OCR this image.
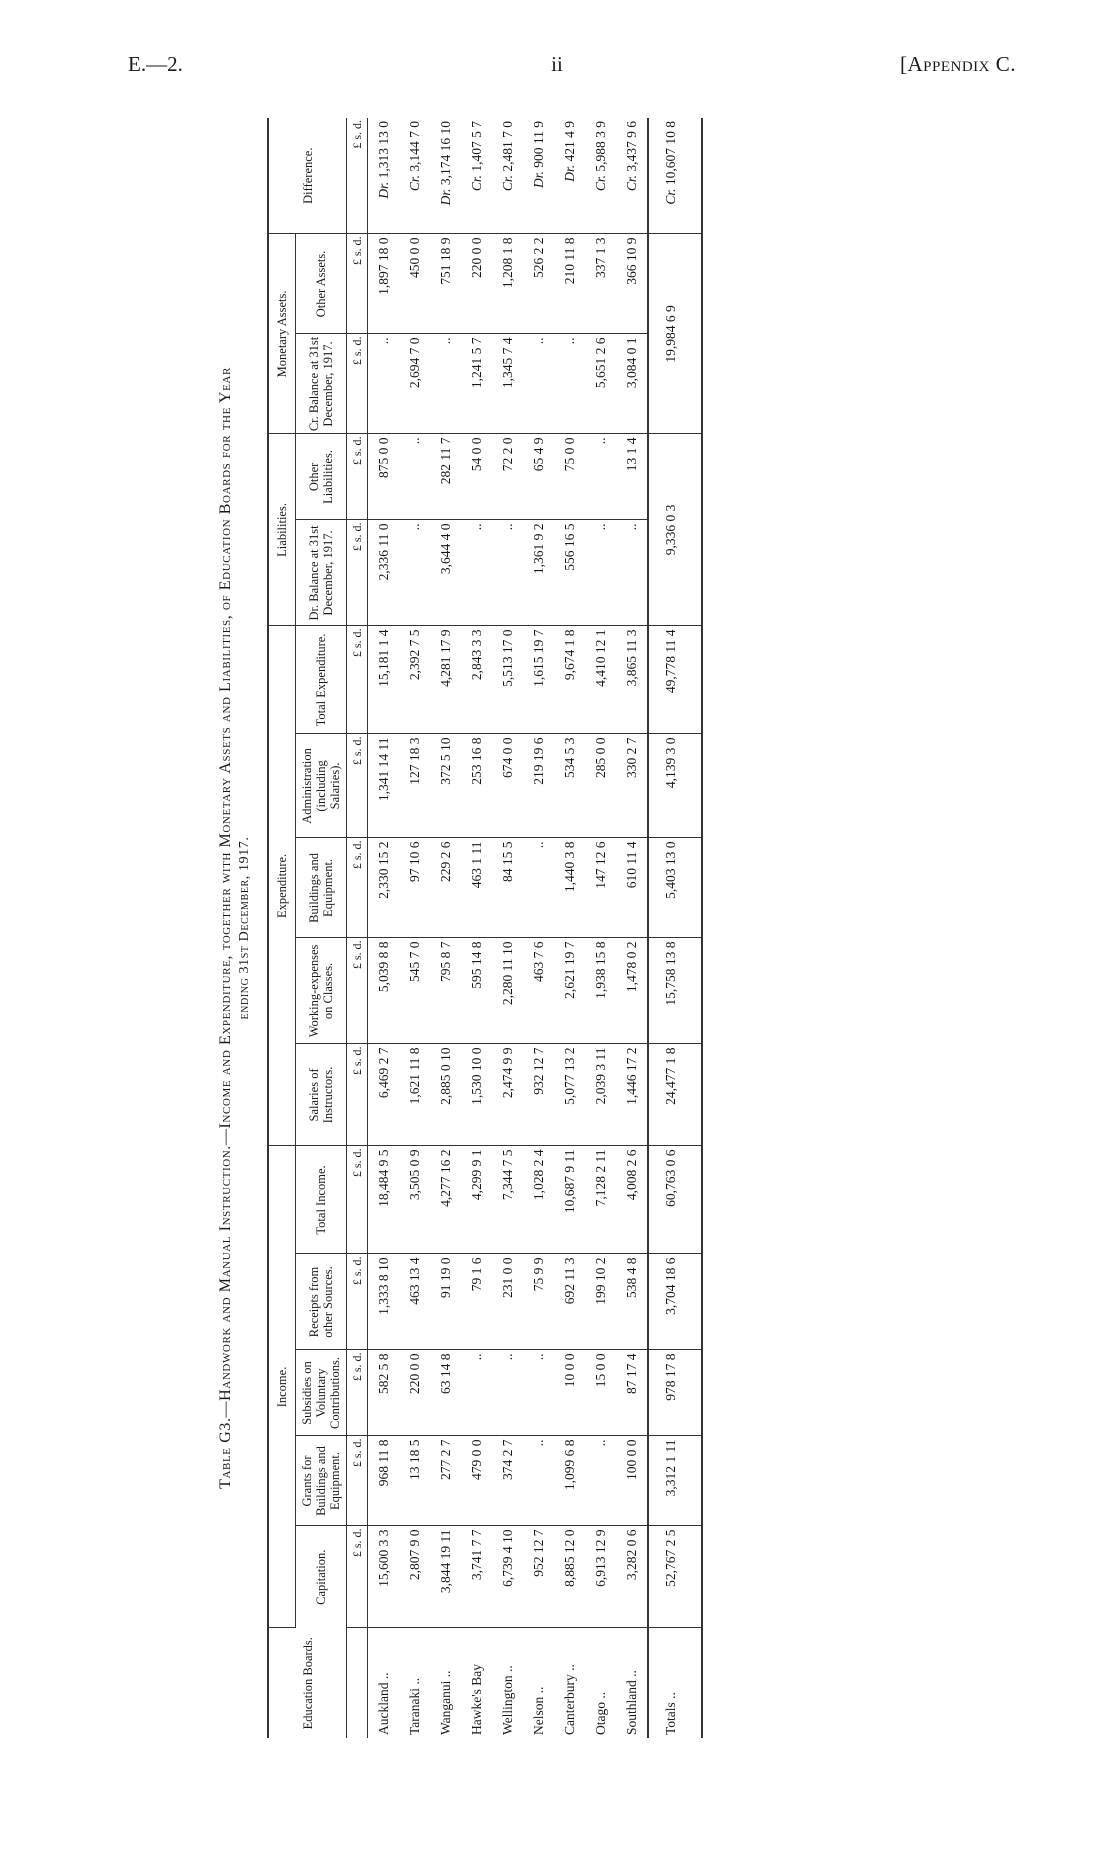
E.—2.	ii	[Appendix C.
Table G3.—Handwork and Manual Instruction.—Income and Expenditure, together with Monetary Assets and Liabilities, of Education Boards for the Year ending 31st December, 1917.
Education Boards.	Income.					Expenditure.					Liabilities.		Monetary Assets.		Difference.
	Capitation.	Grants for Buildings and Equipment.	Subsidies on Voluntary Contributions.	Receipts from other Sources.	Total Income.	Salaries of Instructors.	Working-expenses on Classes.	Buildings and Equipment.	Administration (including Salaries).	Total Expenditure.	Dr. Balance at 31st December, 1917.	Other Liabilities.	Cr. Balance at 31st December, 1917.	Other Assets.	
	£ s. d.	£ s. d.	£ s. d.	£ s. d.	£ s. d.	£ s. d.	£ s. d.	£ s. d.	£ s. d.	£ s. d.	£ s. d.	£ s. d.	£ s. d.	£ s. d.	£ s. d.
Auckland ..	15,600 3 3	968 11 8	582 5 8	1,333 8 10	18,484 9 5	6,469 2 7	5,039 8 8	2,330 15 2	1,341 14 11	15,181 1 4	2,336 11 0	875 0 0	..	1,897 18 0	Dr. 1,313 13 0
Taranaki ..	2,807 9 0	13 18 5	220 0 0	463 13 4	3,505 0 9	1,621 11 8	545 7 0	97 10 6	127 18 3	2,392 7 5	..	..	2,694 7 0	450 0 0	Cr. 3,144 7 0
Wanganui ..	3,844 19 11	277 2 7	63 14 8	91 19 0	4,277 16 2	2,885 0 10	795 8 7	229 2 6	372 5 10	4,281 17 9	3,644 4 0	282 11 7	..	751 18 9	Dr. 3,174 16 10
Hawke's Bay	3,741 7 7	479 0 0	..	79 1 6	4,299 9 1	1,530 10 0	595 14 8	463 1 11	253 16 8	2,843 3 3	..	54 0 0	1,241 5 7	220 0 0	Cr. 1,407 5 7
Wellington ..	6,739 4 10	374 2 7	..	231 0 0	7,344 7 5	2,474 9 9	2,280 11 10	84 15 5	674 0 0	5,513 17 0	..	72 2 0	1,345 7 4	1,208 1 8	Cr. 2,481 7 0
Nelson ..	952 12 7	..	..	75 9 9	1,028 2 4	932 12 7	463 7 6	..	219 19 6	1,615 19 7	1,361 9 2	65 4 9	..	526 2 2	Dr. 900 11 9
Canterbury ..	8,885 12 0	1,099 6 8	10 0 0	692 11 3	10,687 9 11	5,077 13 2	2,621 19 7	1,440 3 8	534 5 3	9,674 1 8	556 16 5	75 0 0	..	210 11 8	Dr. 421 4 9
Otago ..	6,913 12 9	..	15 0 0	199 10 2	7,128 2 11	2,039 3 11	1,938 15 8	147 12 6	285 0 0	4,410 12 1	..	..	5,651 2 6	337 1 3	Cr. 5,988 3 9
Southland ..	3,282 0 6	100 0 0	87 17 4	538 4 8	4,008 2 6	1,446 17 2	1,478 0 2	610 11 4	330 2 7	3,865 11 3	..	13 1 4	3,084 0 1	366 10 9	Cr. 3,437 9 6
Totals ..	52,767 2 5	3,312 1 11	978 17 8	3,704 18 6	60,763 0 6	24,477 1 8	15,758 13 8	5,403 13 0	4,139 3 0	49,778 11 4	9,336 0 3		19,984 6 9		Cr. 10,607 10 8
